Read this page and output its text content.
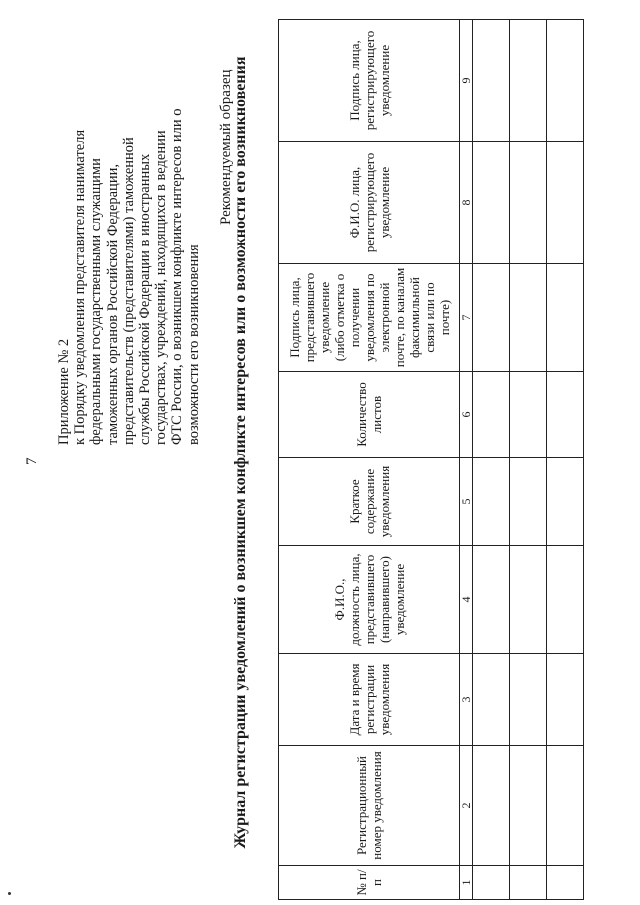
7
Приложение № 2 к Порядку уведомления представителя нанимателя
федеральными государственными служащими
таможенных органов Российской Федерации,
представительств (представителями) таможенной
службы Российской Федерации в иностранных
государствах, учреждений, находящихся в ведении
ФТС России, о возникшем конфликте интересов или о
возможности его возникновения
Рекомендуемый образец
Журнал регистрации уведомлений о возникшем конфликте интересов или о возможности его возникновения
№ п/п	Регистрационный номер уведомления	Дата и время регистрации уведомления	Ф.И.О., должность лица, представившего (направившего) уведомление	Краткое содержание уведомления	Количество листов	Подпись лица, представившего уведомление (либо отметка о получении уведомления по электронной почте, по каналам факсимильной связи или по почте)	Ф.И.О. лица, регистрирующего уведомление	Подпись лица, регистрирующего уведомление
1	2	3	4	5	6	7	8	9
